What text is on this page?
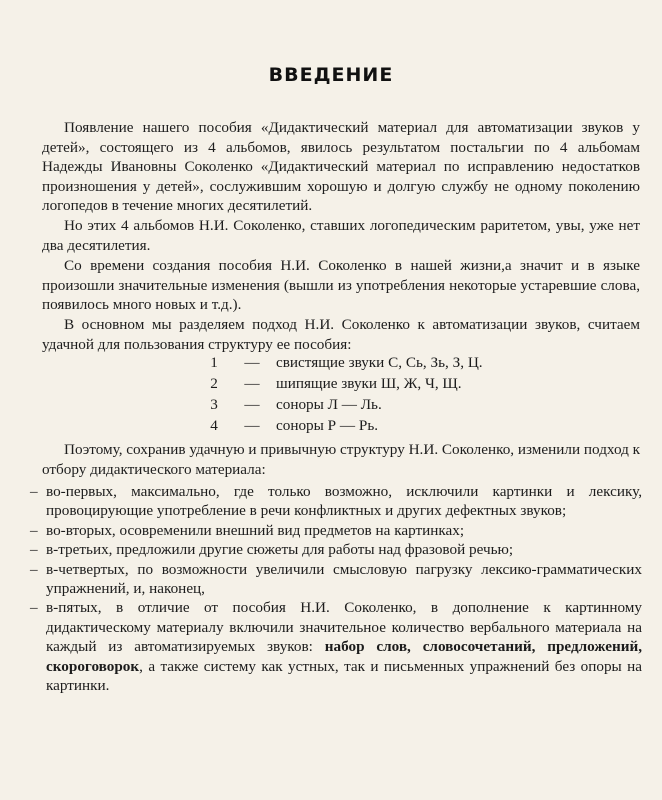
ВВЕДЕНИЕ

Появление нашего пособия «Дидактический материал для автоматизации звуков у детей», состоящего из 4 альбомов, явилось результатом постальгии по 4 альбомам Надежды Ивановны Соколенко «Дидактический материал по исправлению недостатков произношения у детей», сослужившим хорошую и долгую службу не одному поколению логопедов в течение многих десятилетий.

Но этих 4 альбомов Н.И. Соколенко, ставших логопедическим раритетом, увы, уже нет два десятилетия.

Со времени создания пособия Н.И. Соколенко в нашей жизни,а значит и в языке произошли значительные изменения (вышли из употребления некоторые устаревшие слова, появилось много новых и т.д.).

В основном мы разделяем подход Н.И. Соколенко к автоматизации звуков, считаем удачной для пользования структуру ее пособия:

1	—	свистящие звуки С, Сь, Зь, З, Ц.
2	—	шипящие звуки Ш, Ж, Ч, Щ.
3	—	соноры Л — Ль.
4	—	соноры Р — Рь.

Поэтому, сохранив удачную и привычную структуру Н.И. Соколенко, изменили подход к отбору дидактического материала:

– во-первых, максимально, где только возможно, исключили картинки и лексику, провоцирующие употребление в речи конфликтных и других дефектных звуков;
– во-вторых, осовременили внешний вид предметов на картинках;
– в-третьих, предложили другие сюжеты для работы над фразовой речью;
– в-четвертых, по возможности увеличили смысловую пагрузку лексико-грамматических упражнений, и, наконец,
– в-пятых, в отличие от пособия Н.И. Соколенко, в дополнение к картинному дидактическому материалу включили значительное количество вербального материала на каждый из автоматизируемых звуков: набор слов, словосочетаний, предложений, скороговорок, а также систему как устных, так и письменных упражнений без опоры на картинки.
